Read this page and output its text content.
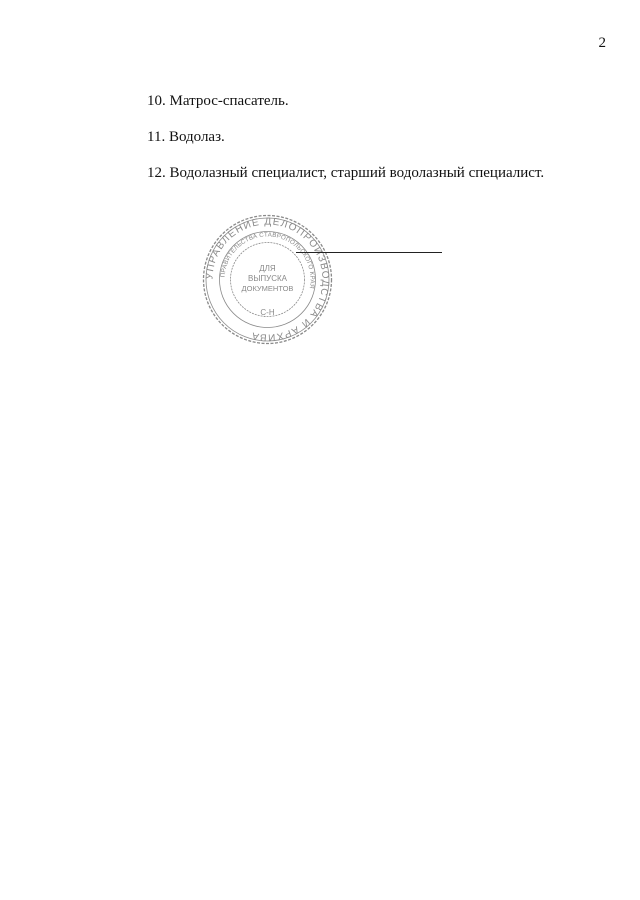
2
10. Матрос-спасатель.
11. Водолаз.
12. Водолазный специалист, старший водолазный специалист.
УПРАВЛЕНИЕ ДЕЛОПРОИЗВОДСТВА И АРХИВА
ПРАВИТЕЛЬСТВА СТАВРОПОЛЬСКОГО КРАЯ
ДЛЯ
ВЫПУСКА
ДОКУМЕНТОВ
С-Н
